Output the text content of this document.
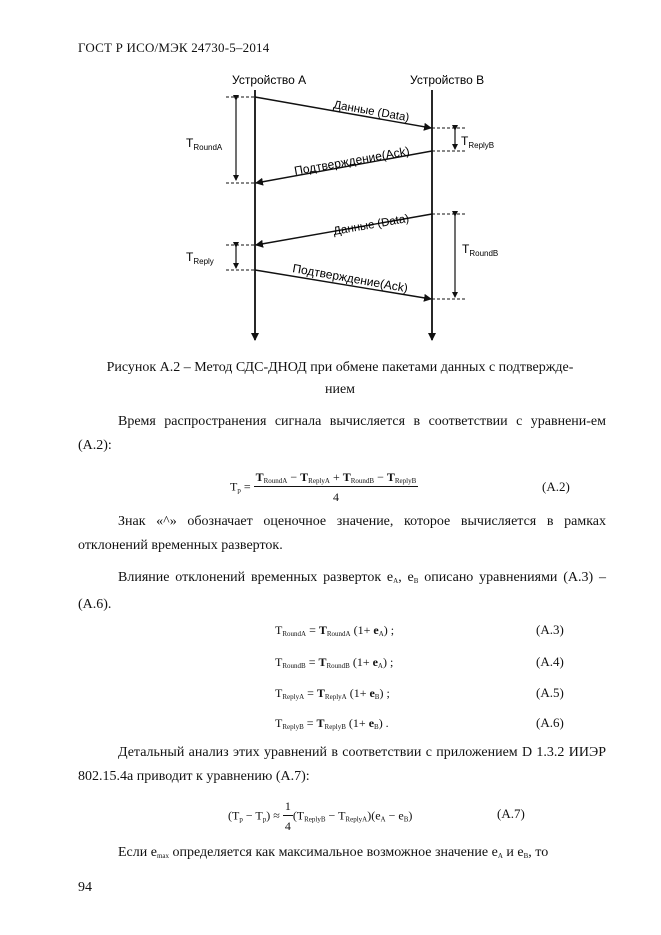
ГОСТ Р ИСО/МЭК 24730-5–2014
Устройство A	Устройство B
Данные (Data)
Подтверждение(Ack)
Данные (Data)
Подтверждение(Ack)
$T_{RoundA}$	$T_{ReplyB}$
$T_{Reply}$
$T_{RoundB}$
Рисунок А.2 – Метод СДС-ДНОД при обмене пакетами данных с подтвержде-
нием
Время распространения сигнала вычисляется в соответствии с уравнени-ем (А.2):
$T_p$ =
$T_{RoundA} - T_{ReplyA} + T_{RoundB} - T_{ReplyB}$
4
(А.2)
Знак «^» обозначает оценочное значение, которое вычисляется в рамках отклонений временных разверток.
Влияние отклонений временных разверток $e_A$, $e_B$ описано уравнениями (А.3) – (А.6).
$T_{RoundA} = T_{RoundA}$ $(1+ e_A)$ ;	(А.3)
$T_{RoundB} = T_{RoundB}$ $(1+ e_A)$ ;	(А.4)
$T_{ReplyA} = T_{ReplyA}$ $(1+ e_B)$ ;	(А.5)
$T_{ReplyB} = T_{ReplyB}$ $(1+ e_B)$ .	(А.6)
Детальный анализ этих уравнений в соответствии с приложением D 1.3.2 ИИЭР 802.15.4а приводит к уравнению (А.7):
$(T_p - T_p) \approx \frac{1}{4} (T_{ReplyB} - T_{ReplyA})(e_A - e_B)$	(А.7)
Если $e_{max}$ определяется как максимальное возможное значение $e_A$ и $e_B$, то
94
